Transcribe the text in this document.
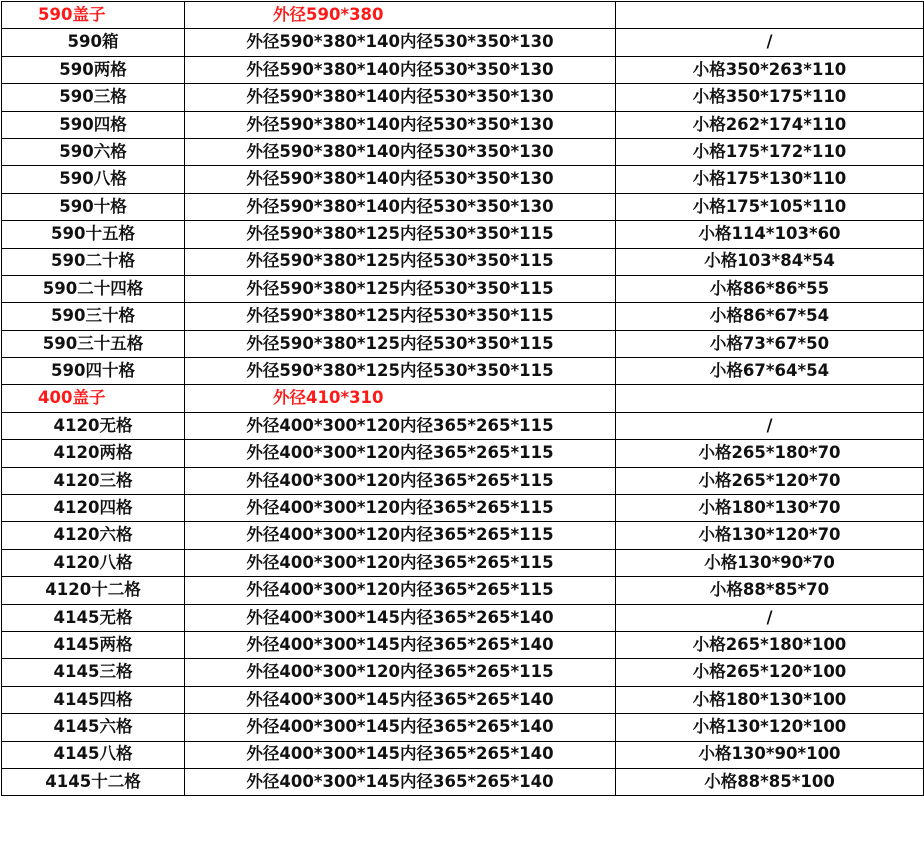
590盖子	外径590*380	
590箱	外径590*380*140内径530*350*130	/
590两格	外径590*380*140内径530*350*130	小格350*263*110
590三格	外径590*380*140内径530*350*130	小格350*175*110
590四格	外径590*380*140内径530*350*130	小格262*174*110
590六格	外径590*380*140内径530*350*130	小格175*172*110
590八格	外径590*380*140内径530*350*130	小格175*130*110
590十格	外径590*380*140内径530*350*130	小格175*105*110
590十五格	外径590*380*125内径530*350*115	小格114*103*60
590二十格	外径590*380*125内径530*350*115	小格103*84*54
590二十四格	外径590*380*125内径530*350*115	小格86*86*55
590三十格	外径590*380*125内径530*350*115	小格86*67*54
590三十五格	外径590*380*125内径530*350*115	小格73*67*50
590四十格	外径590*380*125内径530*350*115	小格67*64*54
400盖子	外径410*310	
4120无格	外径400*300*120内径365*265*115	/
4120两格	外径400*300*120内径365*265*115	小格265*180*70
4120三格	外径400*300*120内径365*265*115	小格265*120*70
4120四格	外径400*300*120内径365*265*115	小格180*130*70
4120六格	外径400*300*120内径365*265*115	小格130*120*70
4120八格	外径400*300*120内径365*265*115	小格130*90*70
4120十二格	外径400*300*120内径365*265*115	小格88*85*70
4145无格	外径400*300*145内径365*265*140	/
4145两格	外径400*300*145内径365*265*140	小格265*180*100
4145三格	外径400*300*120内径365*265*115	小格265*120*100
4145四格	外径400*300*145内径365*265*140	小格180*130*100
4145六格	外径400*300*145内径365*265*140	小格130*120*100
4145八格	外径400*300*145内径365*265*140	小格130*90*100
4145十二格	外径400*300*145内径365*265*140	小格88*85*100
